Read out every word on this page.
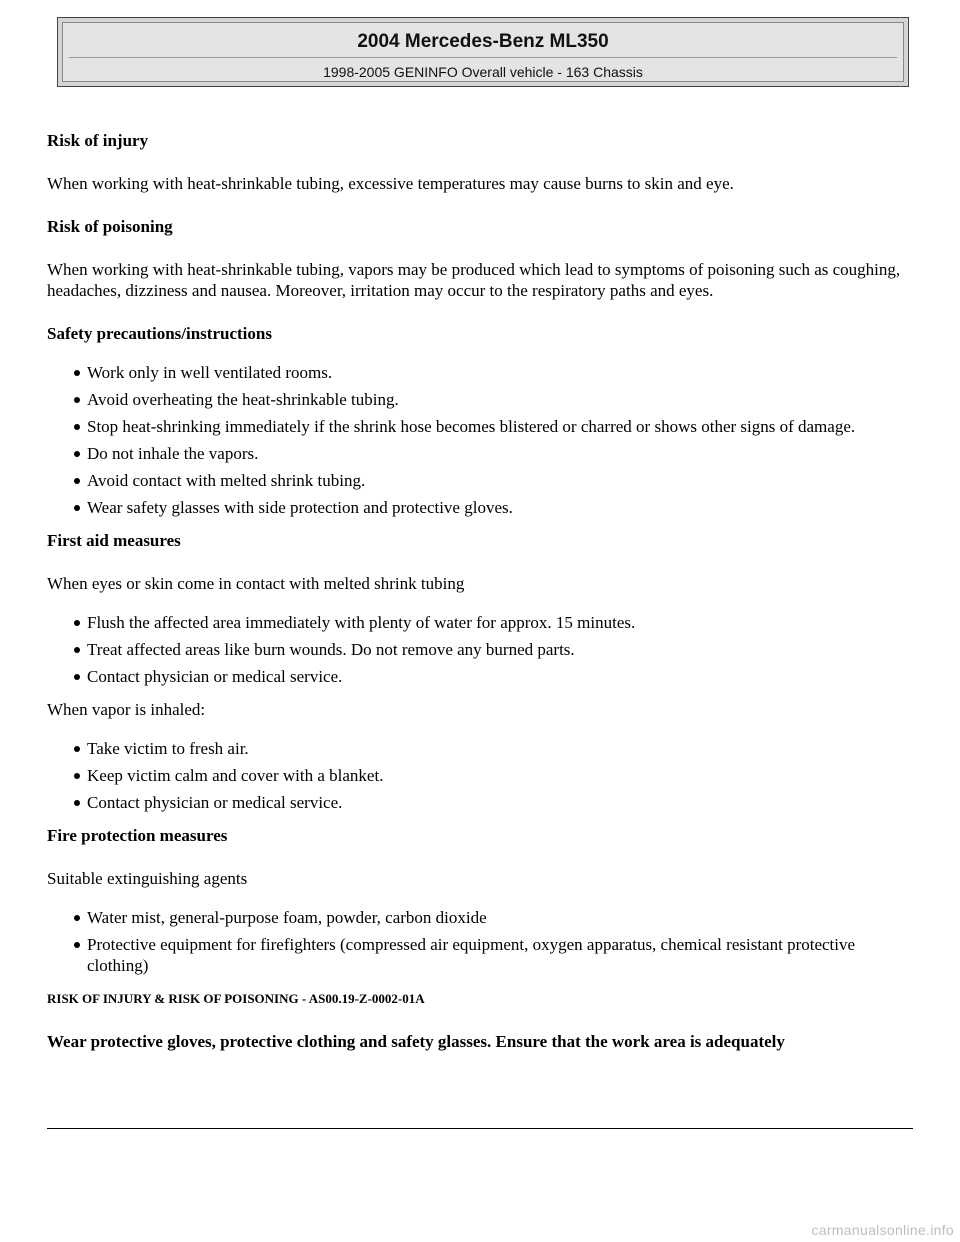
2004 Mercedes-Benz ML350
1998-2005 GENINFO Overall vehicle - 163 Chassis

Risk of injury

When working with heat-shrinkable tubing, excessive temperatures may cause burns to skin and eye.

Risk of poisoning

When working with heat-shrinkable tubing, vapors may be produced which lead to symptoms of poisoning such as coughing, headaches, dizziness and nausea. Moreover, irritation may occur to the respiratory paths and eyes.

Safety precautions/instructions

Work only in well ventilated rooms.
Avoid overheating the heat-shrinkable tubing.
Stop heat-shrinking immediately if the shrink hose becomes blistered or charred or shows other signs of damage.
Do not inhale the vapors.
Avoid contact with melted shrink tubing.
Wear safety glasses with side protection and protective gloves.

First aid measures

When eyes or skin come in contact with melted shrink tubing

Flush the affected area immediately with plenty of water for approx. 15 minutes.
Treat affected areas like burn wounds. Do not remove any burned parts.
Contact physician or medical service.

When vapor is inhaled:

Take victim to fresh air.
Keep victim calm and cover with a blanket.
Contact physician or medical service.

Fire protection measures

Suitable extinguishing agents

Water mist, general-purpose foam, powder, carbon dioxide
Protective equipment for firefighters (compressed air equipment, oxygen apparatus, chemical resistant protective clothing)

RISK OF INJURY & RISK OF POISONING - AS00.19-Z-0002-01A

Wear protective gloves, protective clothing and safety glasses. Ensure that the work area is adequately

carmanualsonline.info
